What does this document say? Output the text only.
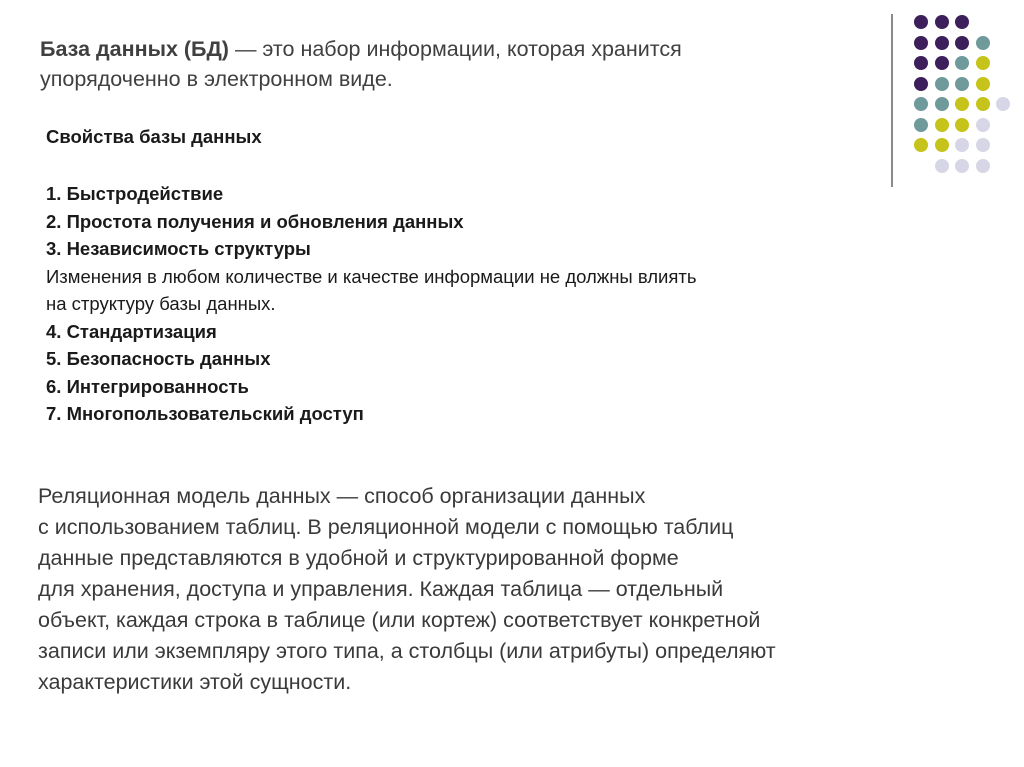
База данных (БД) — это набор информации, которая хранится
упорядоченно в электронном виде.

Свойства базы данных

1. Быстродействие
2. Простота получения и обновления данных
3. Независимость структуры
Изменения в любом количестве и качестве информации не должны влиять
на структуру базы данных.
4. Стандартизация
5. Безопасность данных
6. Интегрированность
7. Многопользовательский доступ

Реляционная модель данных — способ организации данных
с использованием таблиц. В реляционной модели с помощью таблиц
данные представляются в удобной и структурированной форме
для хранения, доступа и управления. Каждая таблица — отдельный
объект, каждая строка в таблице (или кортеж) соответствует конкретной
записи или экземпляру этого типа, а столбцы (или атрибуты) определяют
характеристики этой сущности.
